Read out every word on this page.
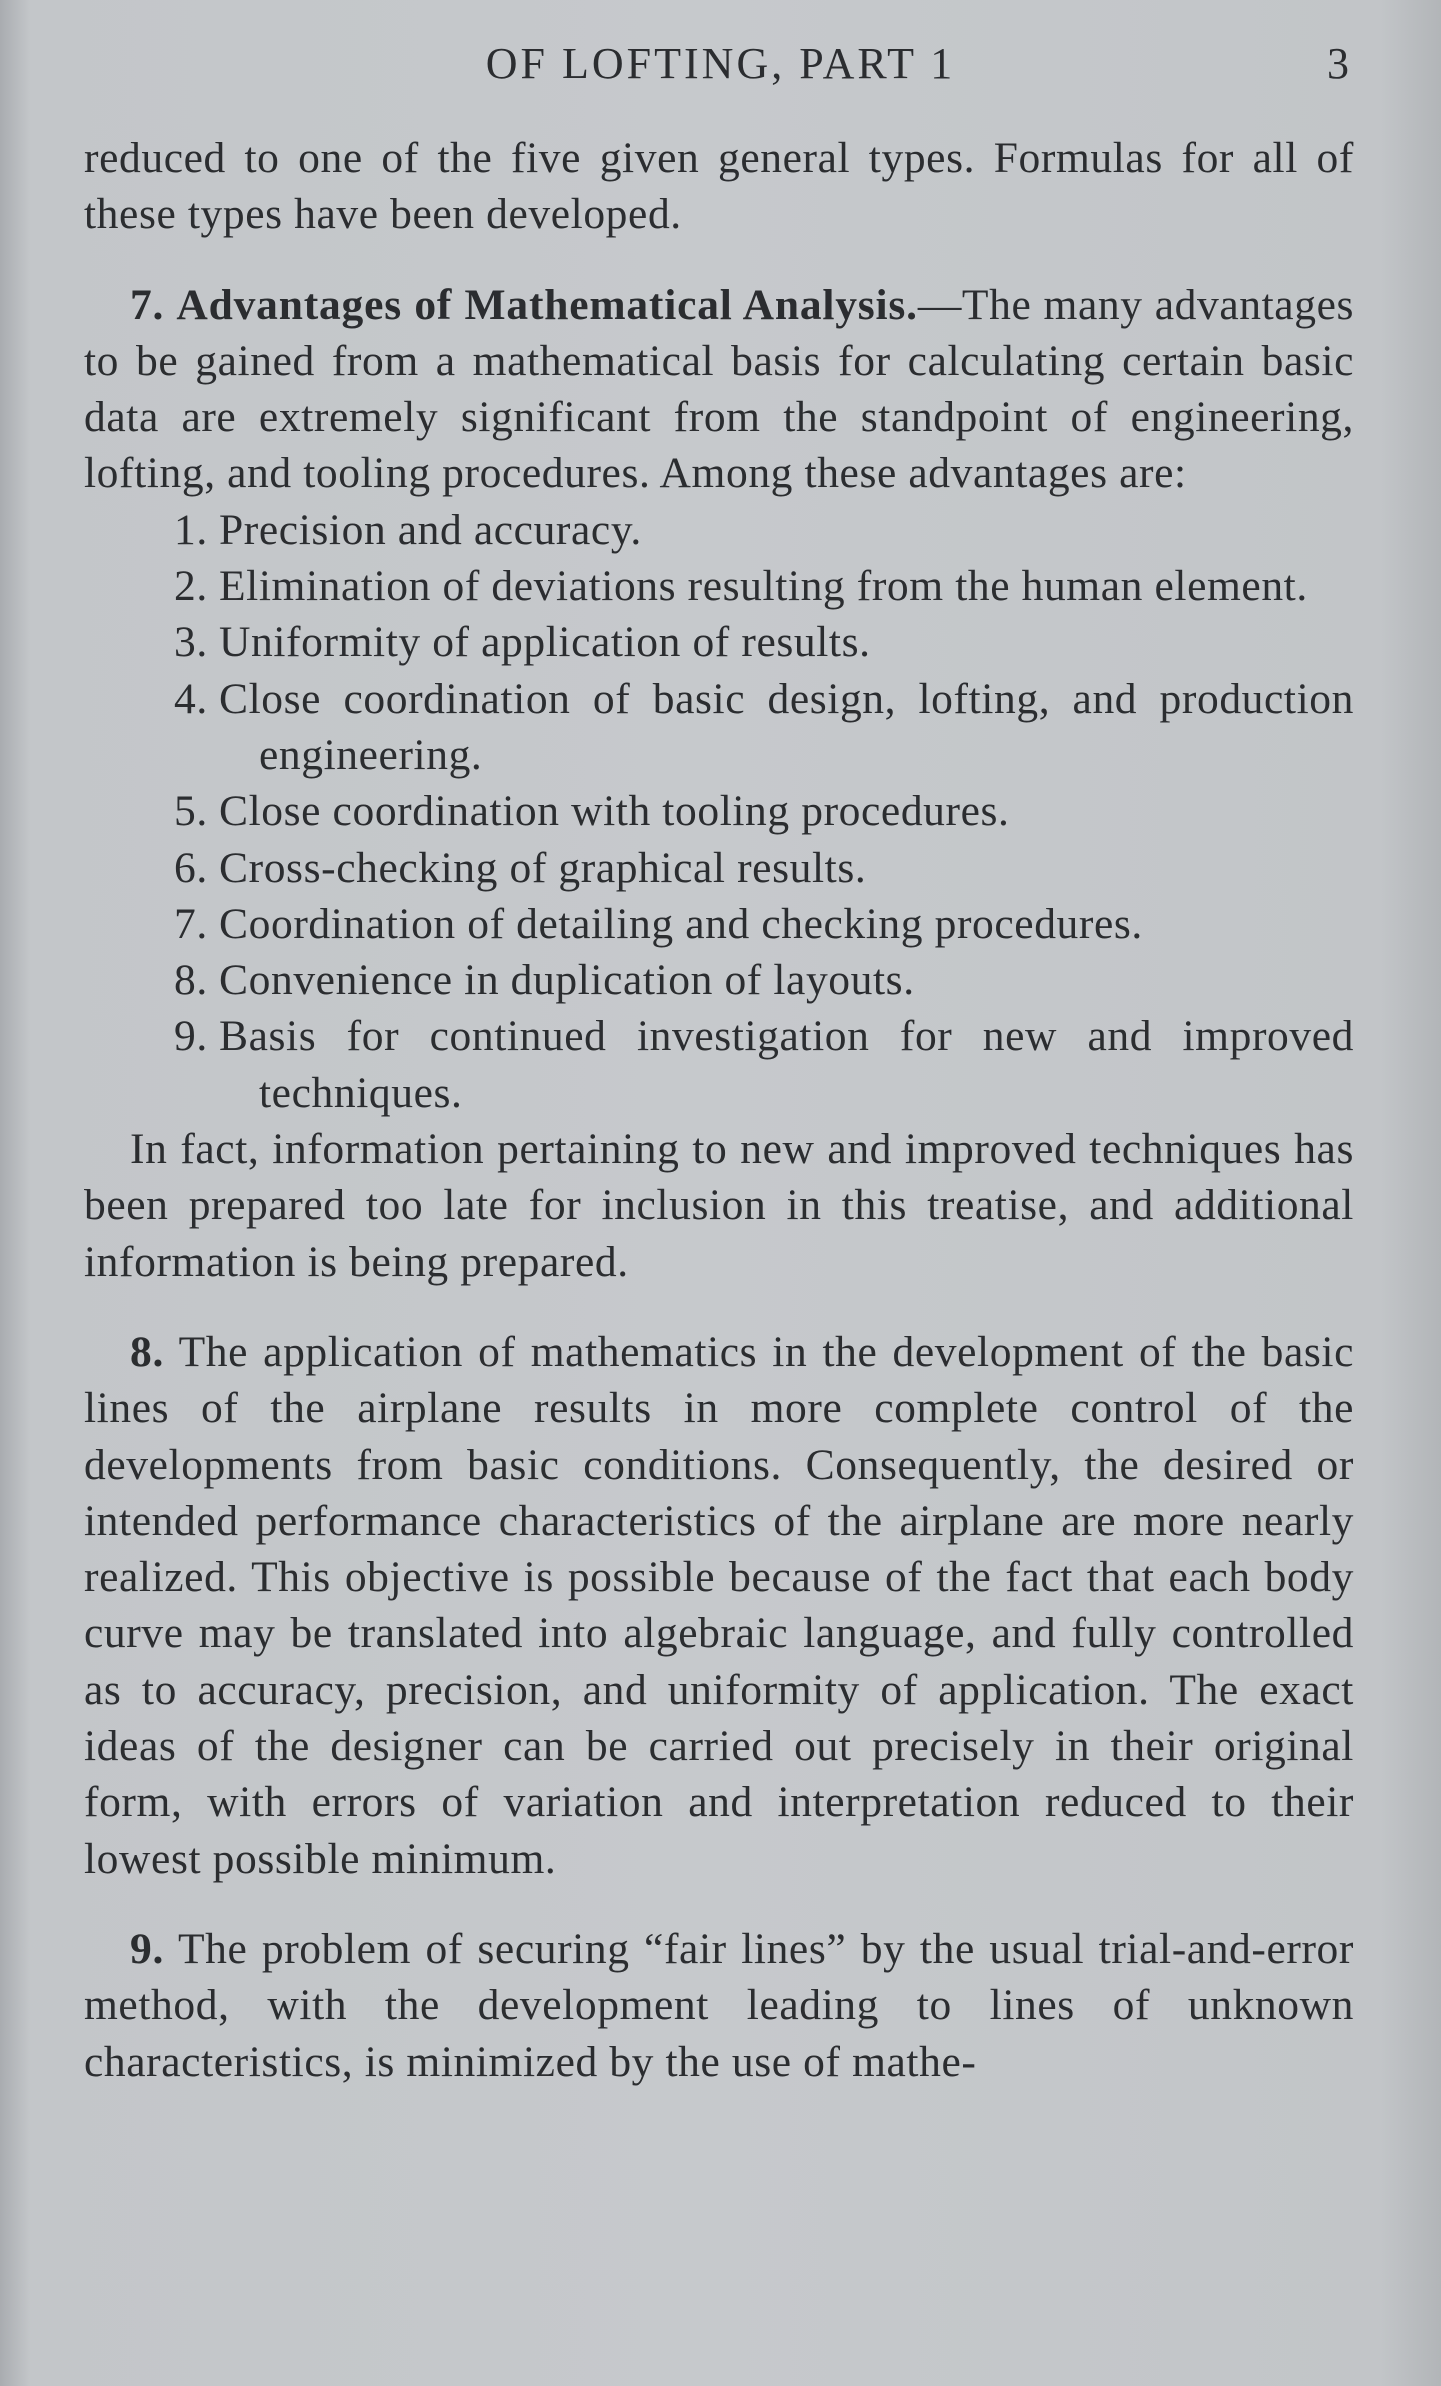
OF LOFTING, PART 1	3

reduced to one of the five given general types. Formulas for all of these types have been developed.

7. Advantages of Mathematical Analysis.—The many advantages to be gained from a mathematical basis for calculating certain basic data are extremely significant from the standpoint of engineering, lofting, and tooling procedures. Among these advantages are:

1. Precision and accuracy.
2. Elimination of deviations resulting from the human element.
3. Uniformity of application of results.
4. Close coordination of basic design, lofting, and production engineering.
5. Close coordination with tooling procedures.
6. Cross-checking of graphical results.
7. Coordination of detailing and checking procedures.
8. Convenience in duplication of layouts.
9. Basis for continued investigation for new and improved techniques.

In fact, information pertaining to new and improved techniques has been prepared too late for inclusion in this treatise, and additional information is being prepared.

8. The application of mathematics in the development of the basic lines of the airplane results in more complete control of the developments from basic conditions. Consequently, the desired or intended performance characteristics of the airplane are more nearly realized. This objective is possible because of the fact that each body curve may be translated into algebraic language, and fully controlled as to accuracy, precision, and uniformity of application. The exact ideas of the designer can be carried out precisely in their original form, with errors of variation and interpretation reduced to their lowest possible minimum.

9. The problem of securing “fair lines” by the usual trial-and-error method, with the development leading to lines of unknown characteristics, is minimized by the use of mathe-
